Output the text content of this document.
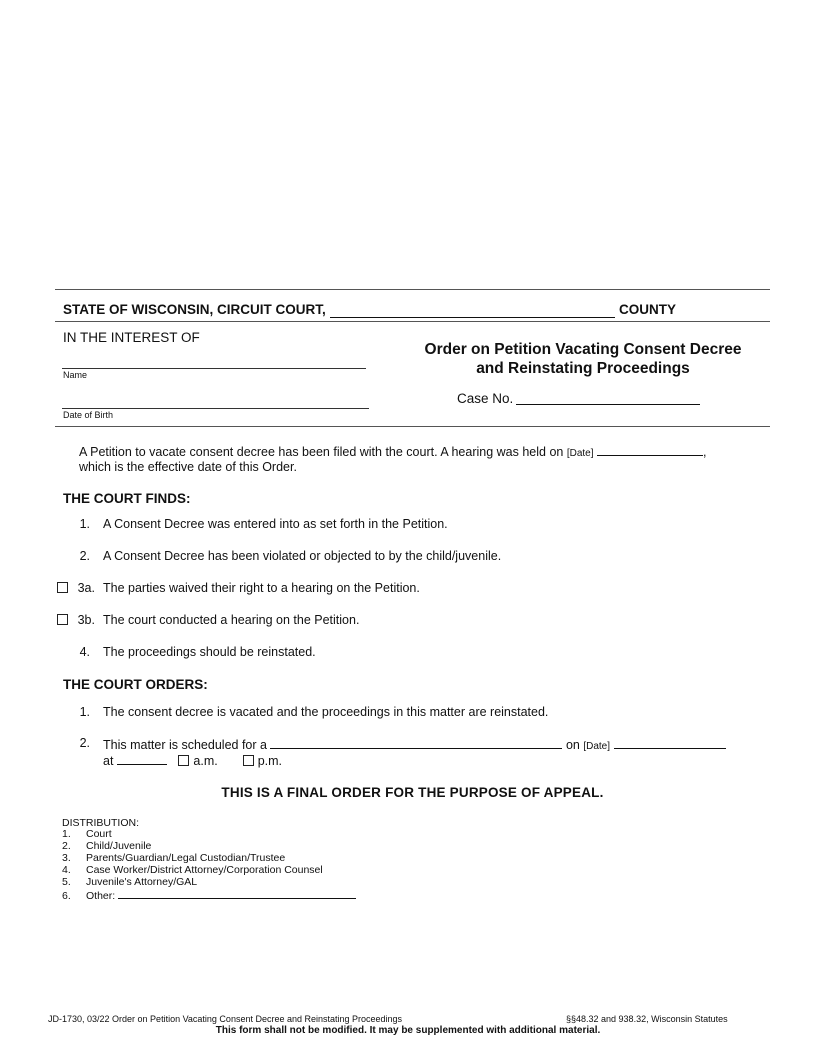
STATE OF WISCONSIN, CIRCUIT COURT,	COUNTY
IN THE INTEREST OF
Name
Date of Birth
Order on Petition Vacating Consent Decree
and Reinstating Proceedings
Case No.
A Petition to vacate consent decree has been filed with the court. A hearing was held on [Date]	,
which is the effective date of this Order.
THE COURT FINDS:
1. A Consent Decree was entered into as set forth in the Petition.
2. A Consent Decree has been violated or objected to by the child/juvenile.
3a. The parties waived their right to a hearing on the Petition.
3b. The court conducted a hearing on the Petition.
4. The proceedings should be reinstated.
THE COURT ORDERS:
1. The consent decree is vacated and the proceedings in this matter are reinstated.
2. This matter is scheduled for a	on [Date]
at	a.m.	p.m.
THIS IS A FINAL ORDER FOR THE PURPOSE OF APPEAL.
DISTRIBUTION:
1. Court
2. Child/Juvenile
3. Parents/Guardian/Legal Custodian/Trustee
4. Case Worker/District Attorney/Corporation Counsel
5. Juvenile's Attorney/GAL
6. Other:
JD-1730, 03/22 Order on Petition Vacating Consent Decree and Reinstating Proceedings	§§48.32 and 938.32, Wisconsin Statutes
This form shall not be modified. It may be supplemented with additional material.
